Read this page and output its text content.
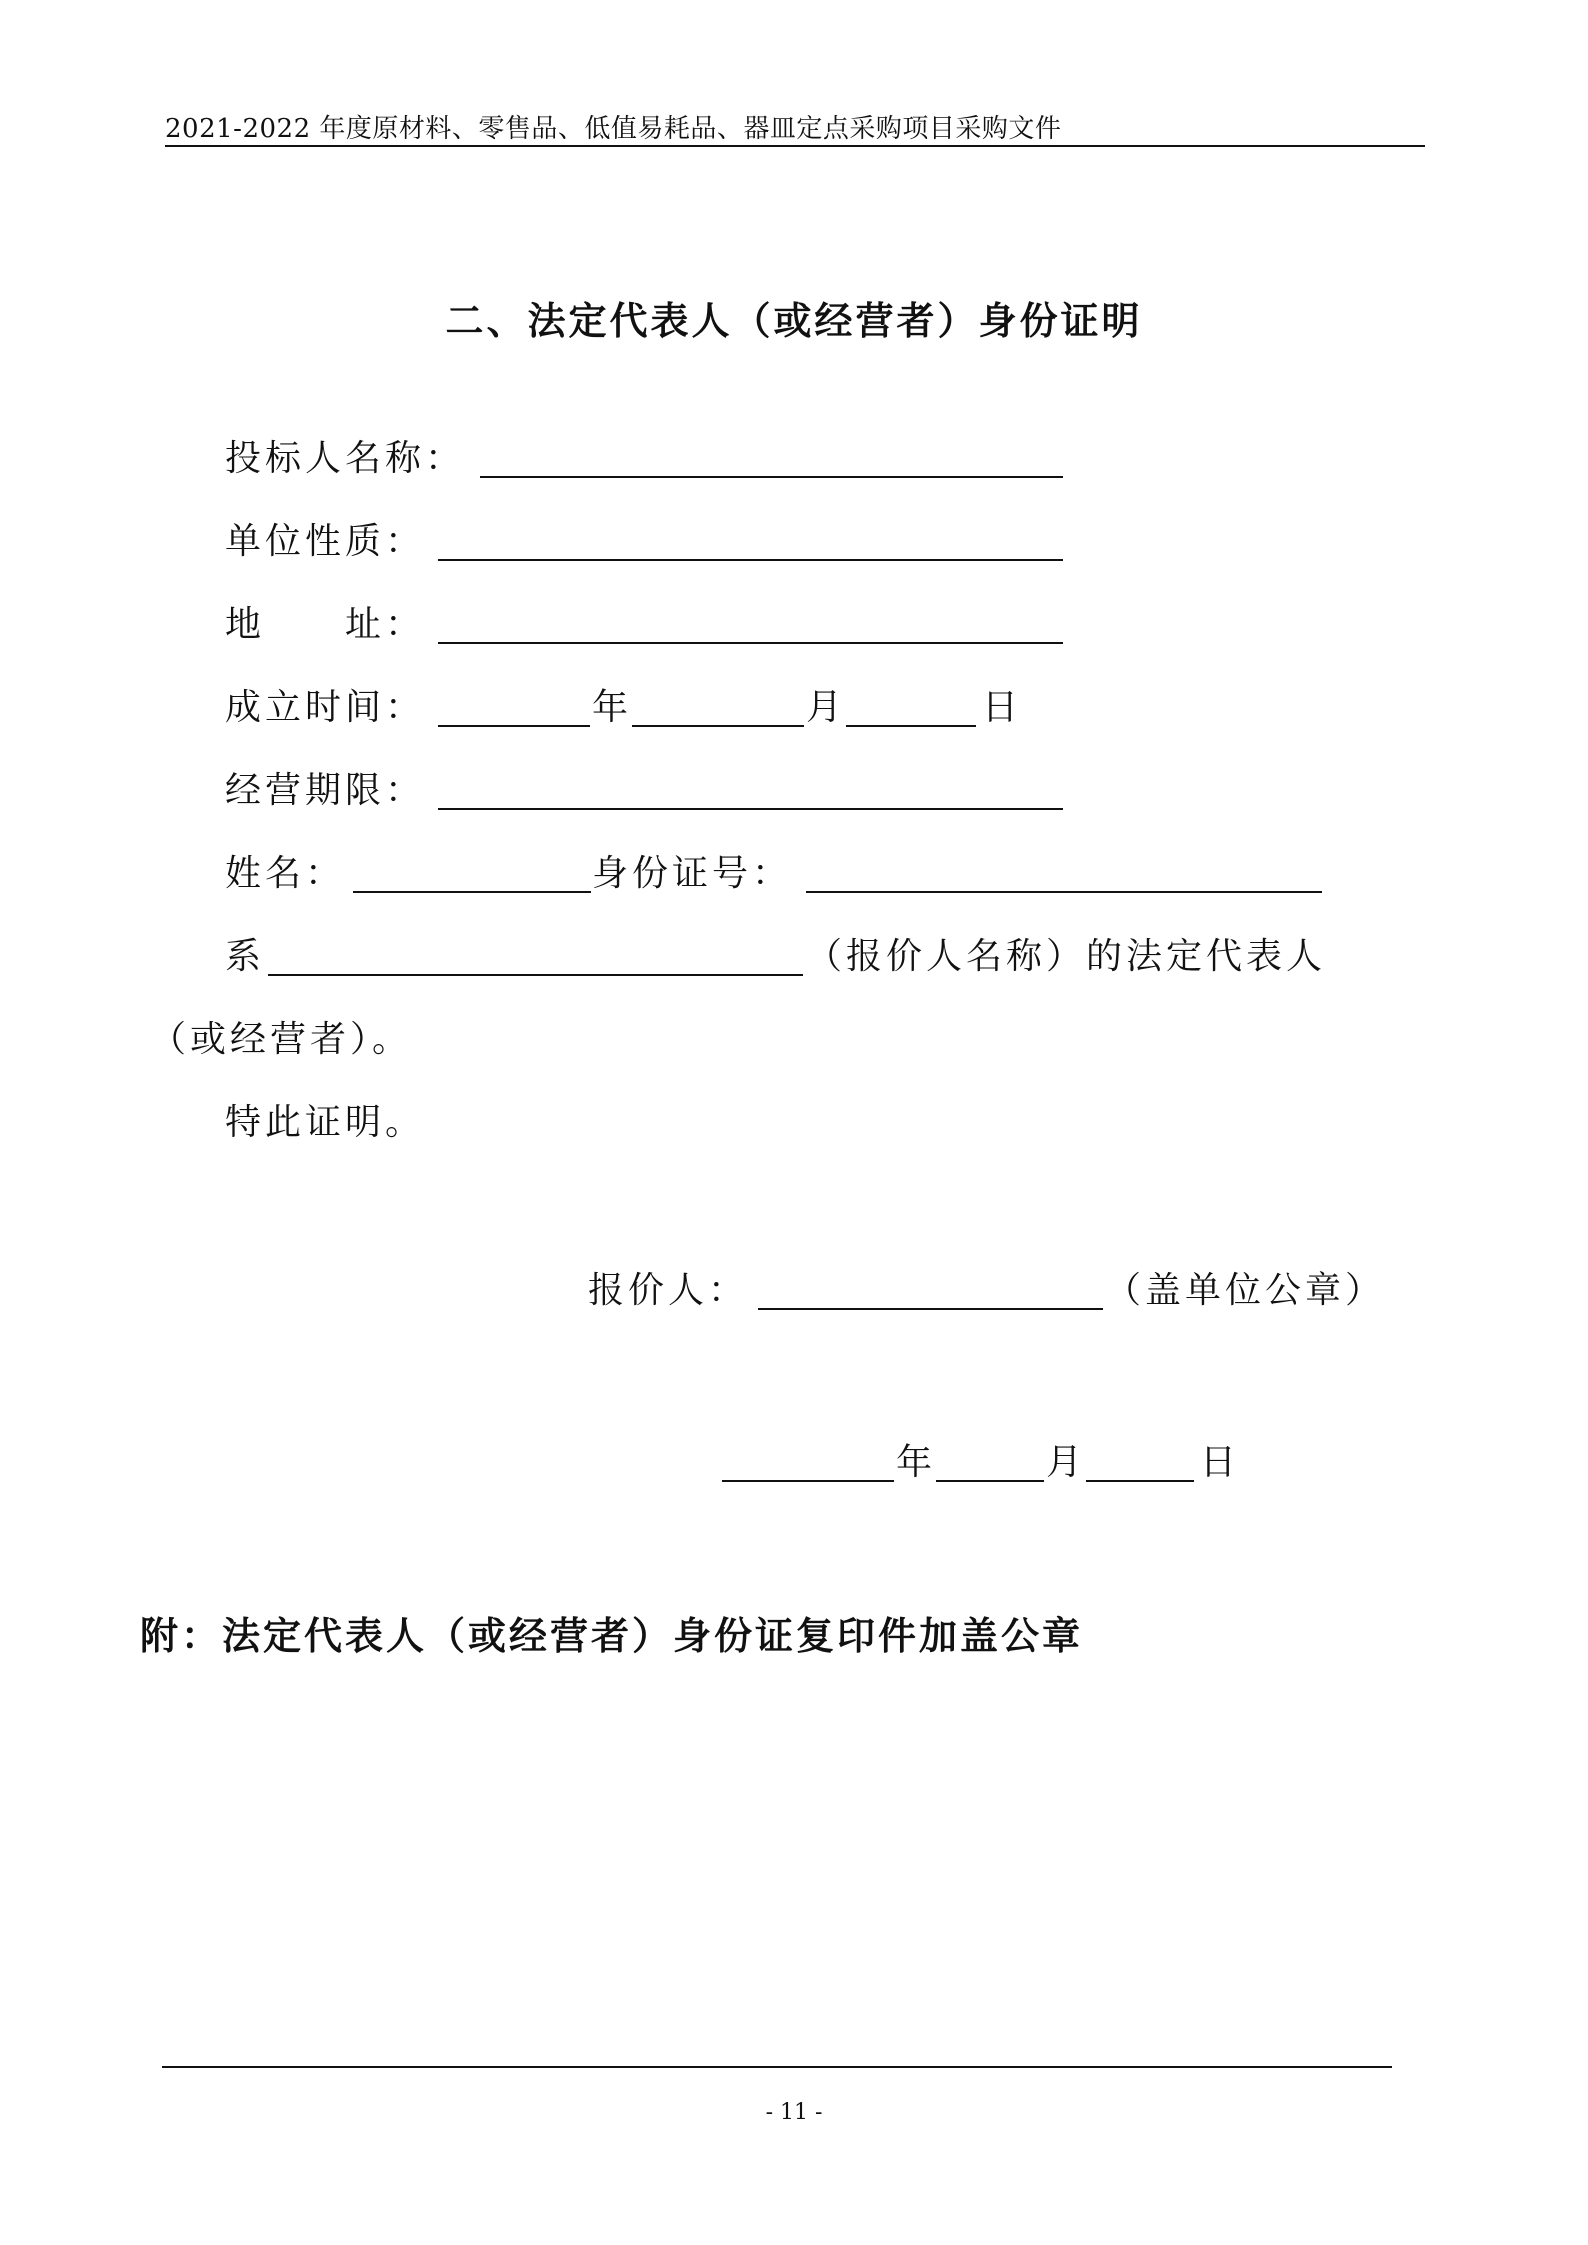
2021-2022 年度原材料、零售品、低值易耗品、器皿定点采购项目采购文件
二、法定代表人（或经营者）身份证明
投标人名称：
单位性质：
地　　址：
成立时间：	年	月	日
经营期限：
姓名：	身份证号：
系	（报价人名称）的法定代表人
（或经营者）。
特此证明。
报价人：	（盖单位公章）
年	月	日
附：法定代表人（或经营者）身份证复印件加盖公章
- 11 -
